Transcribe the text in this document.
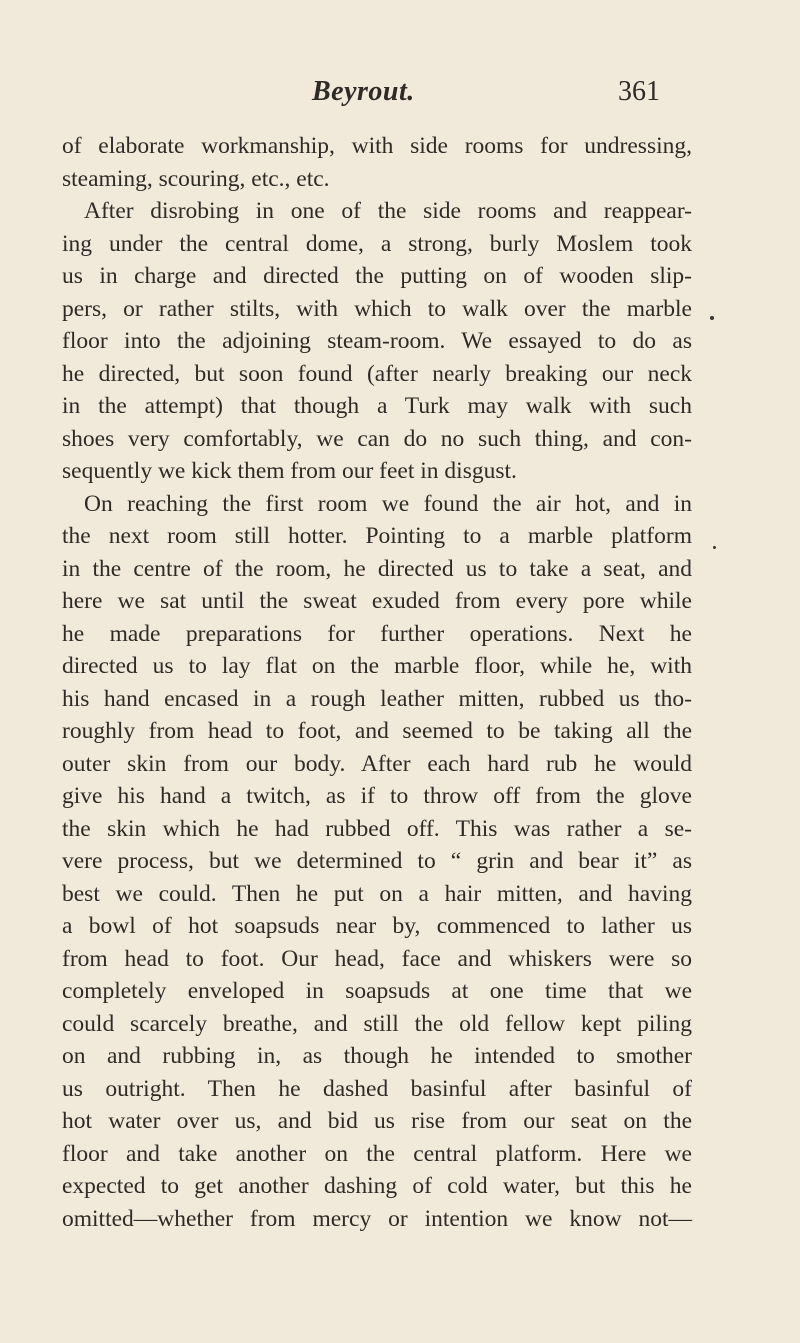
Beyrout.	361
of elaborate workmanship, with side rooms for undressing,
steaming, scouring, etc., etc.
After disrobing in one of the side rooms and reappear-
ing under the central dome, a strong, burly Moslem took
us in charge and directed the putting on of wooden slip-
pers, or rather stilts, with which to walk over the marble
floor into the adjoining steam-room. We essayed to do as
he directed, but soon found (after nearly breaking our neck
in the attempt) that though a Turk may walk with such
shoes very comfortably, we can do no such thing, and con-
sequently we kick them from our feet in disgust.
On reaching the first room we found the air hot, and in
the next room still hotter. Pointing to a marble platform
in the centre of the room, he directed us to take a seat, and
here we sat until the sweat exuded from every pore while
he made preparations for further operations. Next he
directed us to lay flat on the marble floor, while he, with
his hand encased in a rough leather mitten, rubbed us tho-
roughly from head to foot, and seemed to be taking all the
outer skin from our body. After each hard rub he would
give his hand a twitch, as if to throw off from the glove
the skin which he had rubbed off. This was rather a se-
vere process, but we determined to “ grin and bear it” as
best we could. Then he put on a hair mitten, and having
a bowl of hot soapsuds near by, commenced to lather us
from head to foot. Our head, face and whiskers were so
completely enveloped in soapsuds at one time that we
could scarcely breathe, and still the old fellow kept piling
on and rubbing in, as though he intended to smother
us outright. Then he dashed basinful after basinful of
hot water over us, and bid us rise from our seat on the
floor and take another on the central platform. Here we
expected to get another dashing of cold water, but this he
omitted—whether from mercy or intention we know not—
